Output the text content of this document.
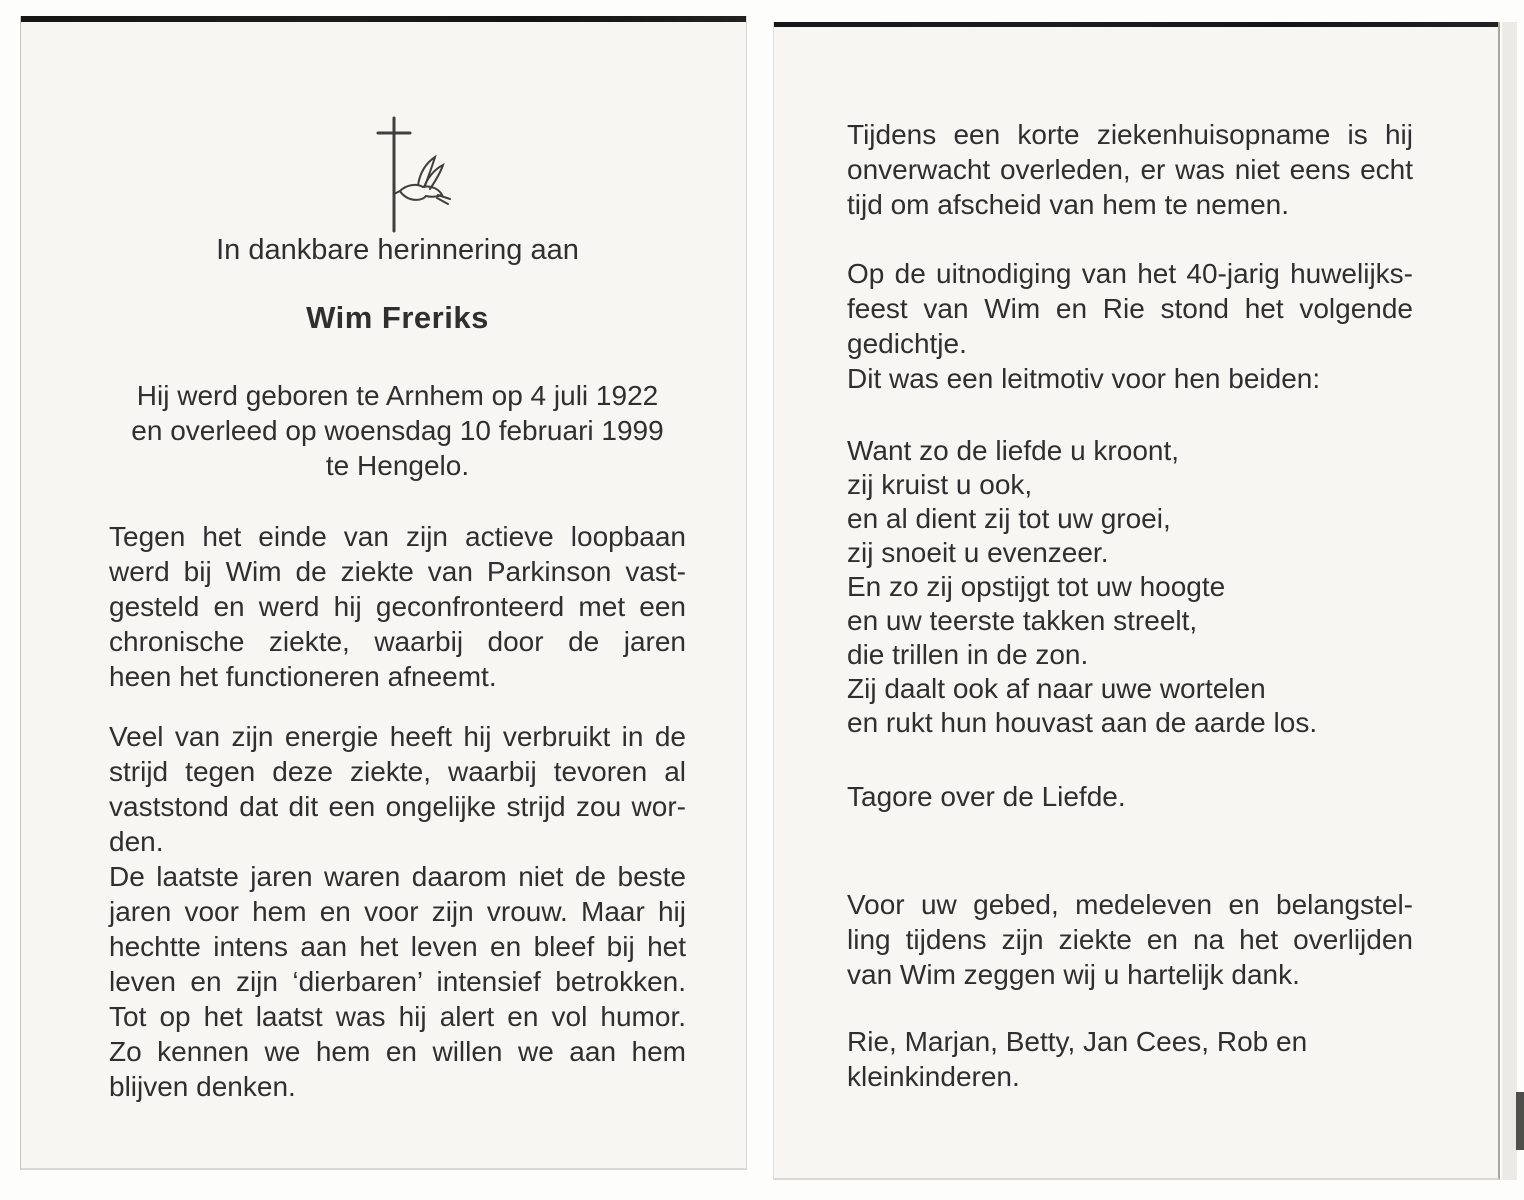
In dankbare herinnering aan
Wim Freriks
Hij werd geboren te Arnhem op 4 juli 1922
en overleed op woensdag 10 februari 1999
te Hengelo.
Tegen het einde van zijn actieve loopbaan
werd bij Wim de ziekte van Parkinson vast-
gesteld en werd hij geconfronteerd met een
chronische ziekte, waarbij door de jaren
heen het functioneren afneemt.
Veel van zijn energie heeft hij verbruikt in de
strijd tegen deze ziekte, waarbij tevoren al
vaststond dat dit een ongelijke strijd zou wor-
den.
De laatste jaren waren daarom niet de beste
jaren voor hem en voor zijn vrouw. Maar hij
hechtte intens aan het leven en bleef bij het
leven en zijn ‘dierbaren’ intensief betrokken.
Tot op het laatst was hij alert en vol humor.
Zo kennen we hem en willen we aan hem
blijven denken.
Tijdens een korte ziekenhuisopname is hij
onverwacht overleden, er was niet eens echt
tijd om afscheid van hem te nemen.
Op de uitnodiging van het 40-jarig huwelijks-
feest van Wim en Rie stond het volgende
gedichtje.
Dit was een leitmotiv voor hen beiden:
Want zo de liefde u kroont,
zij kruist u ook,
en al dient zij tot uw groei,
zij snoeit u evenzeer.
En zo zij opstijgt tot uw hoogte
en uw teerste takken streelt,
die trillen in de zon.
Zij daalt ook af naar uwe wortelen
en rukt hun houvast aan de aarde los.
Tagore over de Liefde.
Voor uw gebed, medeleven en belangstel-
ling tijdens zijn ziekte en na het overlijden
van Wim zeggen wij u hartelijk dank.
Rie, Marjan, Betty, Jan Cees, Rob en
kleinkinderen.
